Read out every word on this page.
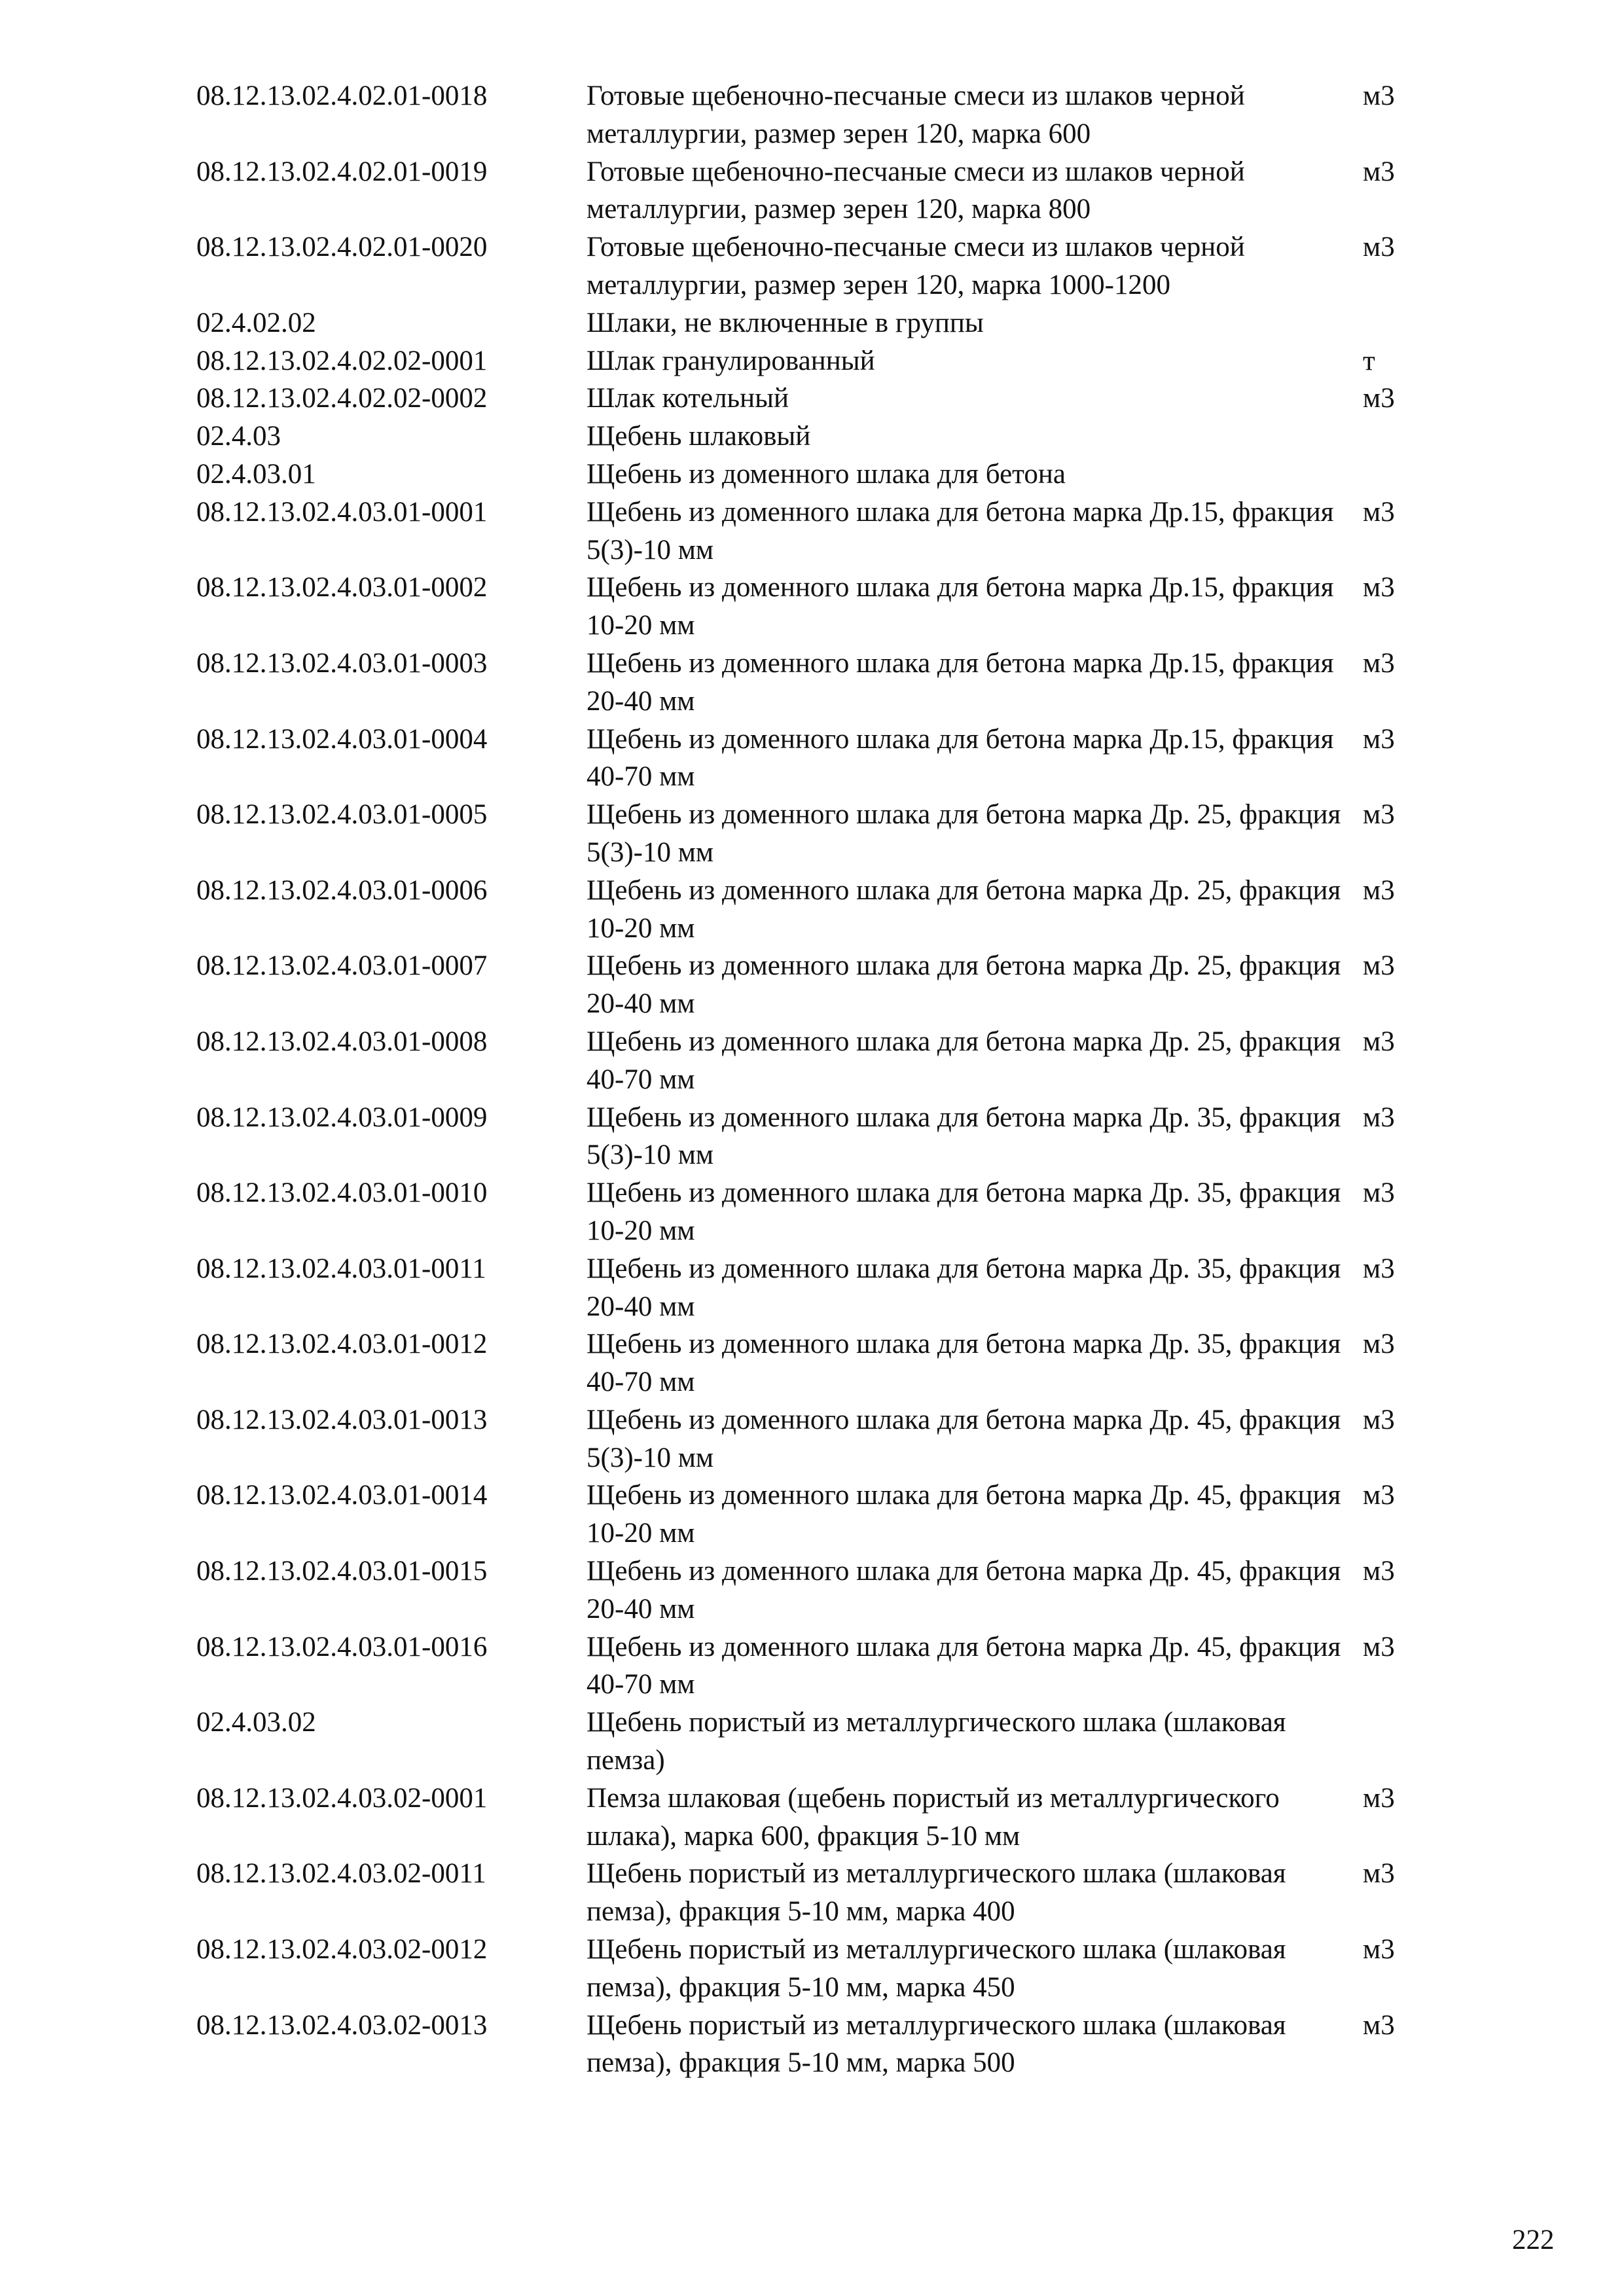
08.12.13.02.4.02.01-0018	Готовые щебеночно-песчаные смеси из шлаков черной металлургии, размер зерен 120, марка 600	м3
08.12.13.02.4.02.01-0019	Готовые щебеночно-песчаные смеси из шлаков черной металлургии, размер зерен 120, марка 800	м3
08.12.13.02.4.02.01-0020	Готовые щебеночно-песчаные смеси из шлаков черной металлургии, размер зерен 120, марка 1000-1200	м3
02.4.02.02	Шлаки, не включенные в группы	
08.12.13.02.4.02.02-0001	Шлак гранулированный	т
08.12.13.02.4.02.02-0002	Шлак котельный	м3
02.4.03	Щебень шлаковый	
02.4.03.01	Щебень из доменного шлака для бетона	
08.12.13.02.4.03.01-0001	Щебень из доменного шлака для бетона марка Др.15, фракция 5(3)-10 мм	м3
08.12.13.02.4.03.01-0002	Щебень из доменного шлака для бетона марка Др.15, фракция 10-20 мм	м3
08.12.13.02.4.03.01-0003	Щебень из доменного шлака для бетона марка Др.15, фракция 20-40 мм	м3
08.12.13.02.4.03.01-0004	Щебень из доменного шлака для бетона марка Др.15, фракция 40-70 мм	м3
08.12.13.02.4.03.01-0005	Щебень из доменного шлака для бетона марка Др. 25, фракция 5(3)-10 мм	м3
08.12.13.02.4.03.01-0006	Щебень из доменного шлака для бетона марка Др. 25, фракция 10-20 мм	м3
08.12.13.02.4.03.01-0007	Щебень из доменного шлака для бетона марка Др. 25, фракция 20-40 мм	м3
08.12.13.02.4.03.01-0008	Щебень из доменного шлака для бетона марка Др. 25, фракция 40-70 мм	м3
08.12.13.02.4.03.01-0009	Щебень из доменного шлака для бетона марка Др. 35, фракция 5(3)-10 мм	м3
08.12.13.02.4.03.01-0010	Щебень из доменного шлака для бетона марка Др. 35, фракция 10-20 мм	м3
08.12.13.02.4.03.01-0011	Щебень из доменного шлака для бетона марка Др. 35, фракция 20-40 мм	м3
08.12.13.02.4.03.01-0012	Щебень из доменного шлака для бетона марка Др. 35, фракция 40-70 мм	м3
08.12.13.02.4.03.01-0013	Щебень из доменного шлака для бетона марка Др. 45, фракция 5(3)-10 мм	м3
08.12.13.02.4.03.01-0014	Щебень из доменного шлака для бетона марка Др. 45, фракция 10-20 мм	м3
08.12.13.02.4.03.01-0015	Щебень из доменного шлака для бетона марка Др. 45, фракция 20-40 мм	м3
08.12.13.02.4.03.01-0016	Щебень из доменного шлака для бетона марка Др. 45, фракция 40-70 мм	м3
02.4.03.02	Щебень пористый из металлургического шлака (шлаковая пемза)	
08.12.13.02.4.03.02-0001	Пемза шлаковая (щебень пористый из металлургического шлака), марка 600, фракция 5-10 мм	м3
08.12.13.02.4.03.02-0011	Щебень пористый из металлургического шлака (шлаковая пемза), фракция 5-10 мм, марка 400	м3
08.12.13.02.4.03.02-0012	Щебень пористый из металлургического шлака (шлаковая пемза), фракция 5-10 мм, марка 450	м3
08.12.13.02.4.03.02-0013	Щебень пористый из металлургического шлака (шлаковая пемза), фракция 5-10 мм, марка 500	м3
222
